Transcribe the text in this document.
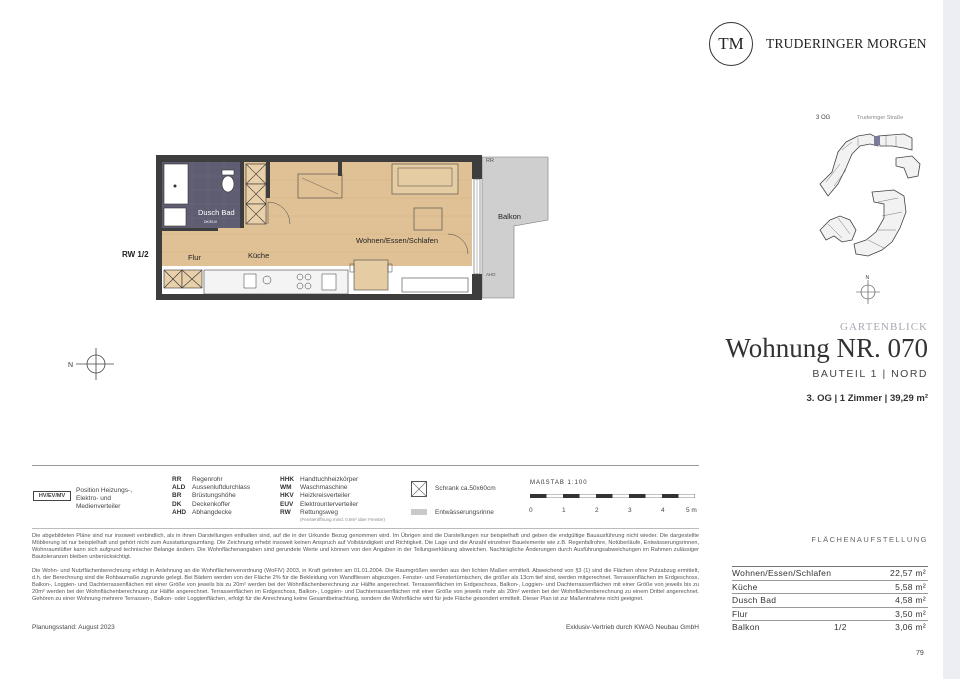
TM	TRUDERINGER MORGEN
3 OG	Truderinger Straße
N
Dusch Bad
Flur	Küche
Wohnen/Essen/Schlafen
Balkon
RR
AHD
DK/EUV
RW 1/2
N
GARTENBLICK
Wohnung NR. 070
BAUTEIL 1 | NORD
3. OG | 1 Zimmer | 39,29 m²
HV/EV/MV
Position Heizungs-, Elektro- und Medienverteiler
RR	Regenrohr
ALD	Aussenluftdurchlass
BR	Brüstungshöhe
DK	Deckenkoffer
AHD Abhangdecke
HHK Handtuchheizkörper
WM	Waschmaschine
HKV Heizkreisverteiler
EUV	Elektrounterverteiler
RW	Rettungsweg
(Fensteröffnung mind. 0,9m² über Fenster)
Schrank ca.50x60cm
Entwässerungsrinne
MAßSTAB 1:100
0	1	2	3	4	5 m

Die abgebildeten Pläne sind nur insoweit verbindlich, als in ihnen Darstellungen enthalten sind, auf die in der Urkunde Bezug genommen wird. Im Übrigen sind die Darstellungen nur beispielhaft und geben die endgültige Bauausführung nicht wieder. Die dargestellte Möblierung ist nur beispielhaft und gehört nicht zum Ausstattungsumfang. Die Zeichnung erhebt insoweit keinen Anspruch auf Vollständigkeit und Richtigkeit. Die Lage und die Anzahl einzelner Bauelemente wie z.B. Regenfallrohre, Notüberläufe, Entwässerungsrinnen, Wohnraumlüfter kann sich aufgrund technischer Belange ändern. Die Wohnflächenangaben sind gerundete Werte und können von den Angaben in der Teilungserklärung abweichen. Nachträgliche Änderungen durch Ausführungsabweichungen im Rahmen zulässiger Bautoleranzen bleiben unberücksichtigt.

Die Wohn- und Nutzflächenberechnung erfolgt in Anlehnung an die Wohnflächenverordnung (WoFlV) 2003, in Kraft getreten am 01.01.2004. Die Raumgrößen werden aus den lichten Maßen ermittelt. Abweichend von §3 (1) sind die Flächen ohne Putzabzug ermittelt, d.h. der Berechnung sind die Rohbaumaße zugrunde gelegt. Bei Bädern werden von der Fläche 2% für die Bekleidung von Wandfliesen abgezogen. Fenster- und Fenstertürnischen, die größer als 13cm tief sind, werden mitgerechnet. Terrassenflächen im Erdgeschoss, Balkon-, Loggien- und Dachterrassenflächen mit einer Größe von jeweils bis zu 20m² werden bei der Wohnflächenberechnung zur Hälfte angerechnet. Terrassenflächen im Erdgeschoss, Balkon-, Loggien- und Dachterrassenflächen mit einer Größe von jeweils bis zu 20m² werden bei der Wohnflächenberechnung zur Hälfte angerechnet. Terrassenflächen im Erdgeschoss, Balkon-, Loggien- und Dachterrassenflächen mit einer Größe von jeweils mehr als 20m² werden bei der Wohnflächenberechnung zu einem Drittel angerechnet. Gehören zu einer Wohnung mehrere Terrassen-, Balkon- oder Loggienflächen, erfolgt für die Anrechnung keine Gesamtbetrachtung, sondern die Wohnfläche wird für jede Fläche gesondert ermittelt. Dieser Plan ist zur Maßentnahme nicht geeignet.

Planungsstand: August 2023	Exklusiv-Vertrieb durch KWAG Neubau GmbH
FLÄCHENAUFSTELLUNG
Wohnen/Essen/Schlafen	22,57 m²
Küche	5,58 m²
Dusch Bad	4,58 m²
Flur	3,50 m²
Balkon	1/2	3,06 m²
79
